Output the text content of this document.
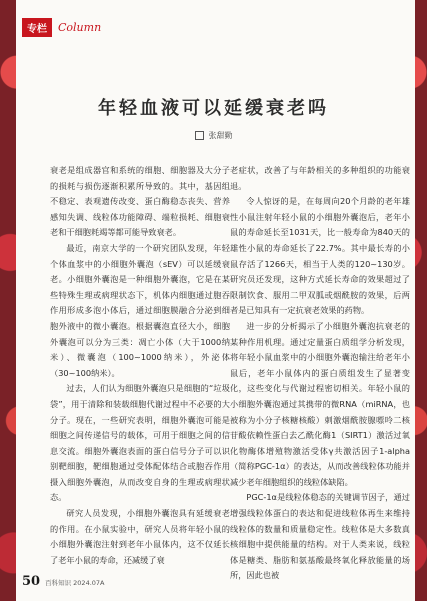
专栏	Column
年轻血液可以延缓衰老吗
张甜勤

衰老是组成器官和系统的细胞、细胞器及大分子的损耗与损伤逐渐积累所导致的。其中，基因组不稳定、表观遗传改变、蛋白酶稳态丧失、营养感知失调、线粒体功能障碍、端粒损耗、细胞衰老和干细胞耗竭等都可能导致衰老。

最近，南京大学的一个研究团队发现，年轻个体血浆中的小细胞外囊泡（sEV）可以延缓衰老。小细胞外囊泡是一种细胞外囊泡，它是在某些特殊生理或病理状态下，机体内细胞通过胞吞作用形成多泡小体后，通过细胞膜融合分泌到细胞外液中的微小囊泡。根据囊泡直径大小，细胞外囊泡可以分为三类：凋亡小体（大于1000纳米）、微囊泡（100~1000纳米），外泌体（30~100纳米）。

过去，人们认为细胞外囊泡只是细胞的“垃圾袋”，用于清除和装载细胞代谢过程中不必要的大分子。现在，一些研究表明，细胞外囊泡可能是细胞之间传递信号的载体，可用于细胞之间的信息交流。细胞外囊泡表面的蛋白信号分子可以识别靶细胞，靶细胞通过受体配体结合或胞吞作用摄入细胞外囊泡，从而改变自身的生理或病理状态。

研究人员发现，小细胞外囊泡具有延缓衰老的作用。在小鼠实验中，研究人员将年轻小鼠的小细胞外囊泡注射到老年小鼠体内，这不仅延长了老年小鼠的寿命，还减缓了衰

老症状，改善了与年龄相关的多种组织的功能衰退。

令人惊讶的是，在每周向20个月龄的老年雄性小鼠注射年轻小鼠的小细胞外囊泡后，老年小鼠的寿命延长至1031天，比一般寿命为840天的雄性小鼠的寿命延长了22.7%。其中最长寿的小鼠存活了1266天，相当于人类的120~130岁。研究员还发现，这种方式延长寿命的效果超过了限制饮食、服用二甲双胍或烟酰胺的效果，后两者是已知具有一定抗衰老效果的药物。

进一步的分析揭示了小细胞外囊泡抗衰老的某种作用机理。通过定量蛋白质组学分析发现，将年轻小鼠血浆中的小细胞外囊泡输注给老年小鼠后，老年小鼠体内的蛋白质组发生了显著变化，这些变化与代谢过程密切相关。年轻小鼠的小细胞外囊泡通过其携带的微RNA（miRNA，也被称为小分子核糖核酸）刺激烟酰胺腺嘌呤二核苷酸依赖性蛋白去乙酰化酶1（SIRT1）激活过氧化物酶体增殖物激活受体γ共激活因子1-alpha（简称PGC-1α）的表达，从而改善线粒体功能并减少老年细胞组织的线粒体缺陷。

PGC-1α是线粒体稳态的关键调节因子，通过增强线粒体蛋白的表达和促进线粒体再生来维持线粒体的数量和质量稳定性。线粒体是大多数真核细胞中提供能量的结构。对于人类来说，线粒体是糖类、脂肪和氨基酸最终氧化释放能量的场所，因此也被

50 百科知识 2024.07A
